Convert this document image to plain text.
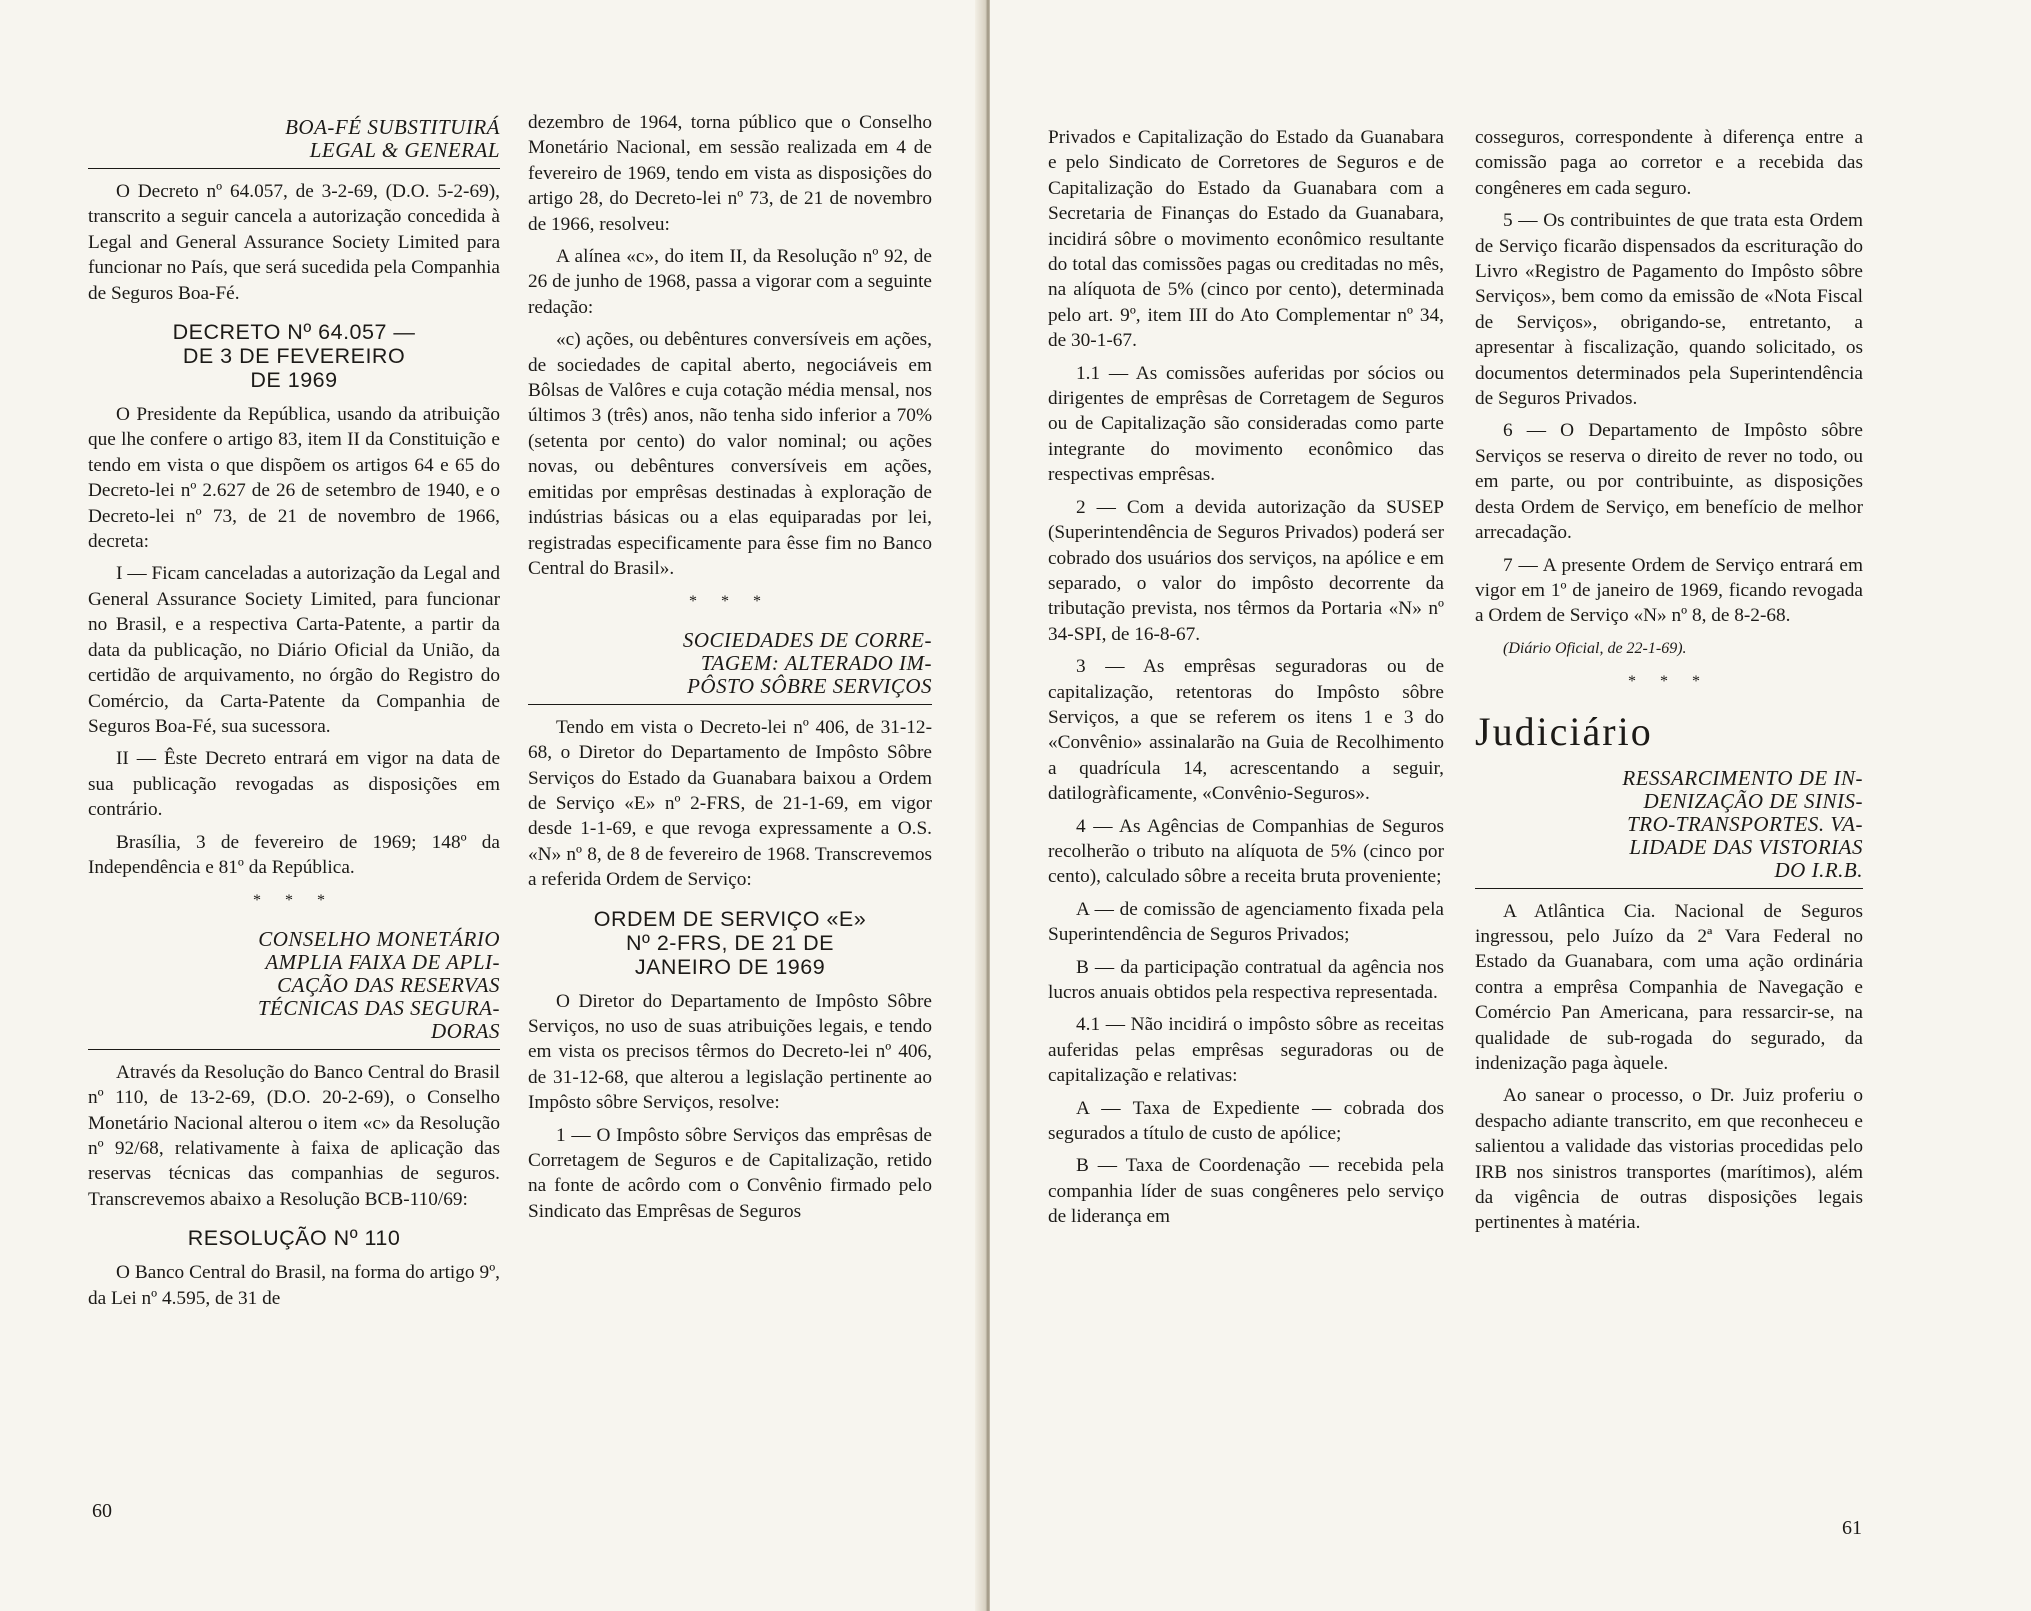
BOA-FÉ SUBSTITUIRÁ
LEGAL & GENERAL

O Decreto nº 64.057, de 3-2-69, (D.O. 5-2-69), transcrito a seguir cancela a autorização concedida à Legal and General Assurance Society Limited para funcionar no País, que será sucedida pela Companhia de Seguros Boa-Fé.

DECRETO Nº 64.057 —
DE 3 DE FEVEREIRO
DE 1969

O Presidente da República, usando da atribuição que lhe confere o artigo 83, item II da Constituição e tendo em vista o que dispõem os artigos 64 e 65 do Decreto-lei nº 2.627 de 26 de setembro de 1940, e o Decreto-lei nº 73, de 21 de novembro de 1966, decreta:

I — Ficam canceladas a autorização da Legal and General Assurance Society Limited, para funcionar no Brasil, e a respectiva Carta-Patente, a partir da data da publicação, no Diário Oficial da União, da certidão de arquivamento, no órgão do Registro do Comércio, da Carta-Patente da Companhia de Seguros Boa-Fé, sua sucessora.

II — Êste Decreto entrará em vigor na data de sua publicação revogadas as disposições em contrário.

Brasília, 3 de fevereiro de 1969; 148º da Independência e 81º da República.

* * *
CONSELHO MONETÁRIO
AMPLIA FAIXA DE APLI-
CAÇÃO DAS RESERVAS
TÉCNICAS DAS SEGURA-
DORAS

Através da Resolução do Banco Central do Brasil nº 110, de 13-2-69, (D.O. 20-2-69), o Conselho Monetário Nacional alterou o item «c» da Resolução nº 92/68, relativamente à faixa de aplicação das reservas técnicas das companhias de seguros. Transcrevemos abaixo a Resolução BCB-110/69:

RESOLUÇÃO Nº 110

O Banco Central do Brasil, na forma do artigo 9º, da Lei nº 4.595, de 31 de

dezembro de 1964, torna público que o Conselho Monetário Nacional, em sessão realizada em 4 de fevereiro de 1969, tendo em vista as disposições do artigo 28, do Decreto-lei nº 73, de 21 de novembro de 1966, resolveu:

A alínea «c», do item II, da Resolução nº 92, de 26 de junho de 1968, passa a vigorar com a seguinte redação:

«c) ações, ou debêntures conversíveis em ações, de sociedades de capital aberto, negociáveis em Bôlsas de Valôres e cuja cotação média mensal, nos últimos 3 (três) anos, não tenha sido inferior a 70% (setenta por cento) do valor nominal; ou ações novas, ou debêntures conversíveis em ações, emitidas por emprêsas destinadas à exploração de indústrias básicas ou a elas equiparadas por lei, registradas especificamente para êsse fim no Banco Central do Brasil».

* * *
SOCIEDADES DE CORRE-
TAGEM: ALTERADO IM-
PÔSTO SÔBRE SERVIÇOS

Tendo em vista o Decreto-lei nº 406, de 31-12-68, o Diretor do Departamento de Impôsto Sôbre Serviços do Estado da Guanabara baixou a Ordem de Serviço «E» nº 2-FRS, de 21-1-69, em vigor desde 1-1-69, e que revoga expressamente a O.S. «N» nº 8, de 8 de fevereiro de 1968. Transcrevemos a referida Ordem de Serviço:

ORDEM DE SERVIÇO «E»
Nº 2-FRS, DE 21 DE
JANEIRO DE 1969

O Diretor do Departamento de Impôsto Sôbre Serviços, no uso de suas atribuições legais, e tendo em vista os precisos têrmos do Decreto-lei nº 406, de 31-12-68, que alterou a legislação pertinente ao Impôsto sôbre Serviços, resolve:

1 — O Impôsto sôbre Serviços das emprêsas de Corretagem de Seguros e de Capitalização, retido na fonte de acôrdo com o Convênio firmado pelo Sindicato das Emprêsas de Seguros

60

Privados e Capitalização do Estado da Guanabara e pelo Sindicato de Corretores de Seguros e de Capitalização do Estado da Guanabara com a Secretaria de Finanças do Estado da Guanabara, incidirá sôbre o movimento econômico resultante do total das comissões pagas ou creditadas no mês, na alíquota de 5% (cinco por cento), determinada pelo art. 9º, item III do Ato Complementar nº 34, de 30-1-67.

1.1 — As comissões auferidas por sócios ou dirigentes de emprêsas de Corretagem de Seguros ou de Capitalização são consideradas como parte integrante do movimento econômico das respectivas emprêsas.

2 — Com a devida autorização da SUSEP (Superintendência de Seguros Privados) poderá ser cobrado dos usuários dos serviços, na apólice e em separado, o valor do impôsto decorrente da tributação prevista, nos têrmos da Portaria «N» nº 34-SPI, de 16-8-67.

3 — As emprêsas seguradoras ou de capitalização, retentoras do Impôsto sôbre Serviços, a que se referem os itens 1 e 3 do «Convênio» assinalarão na Guia de Recolhimento a quadrícula 14, acrescentando a seguir, datilogràficamente, «Convênio-Seguros».

4 — As Agências de Companhias de Seguros recolherão o tributo na alíquota de 5% (cinco por cento), calculado sôbre a receita bruta proveniente;

A — de comissão de agenciamento fixada pela Superintendência de Seguros Privados;

B — da participação contratual da agência nos lucros anuais obtidos pela respectiva representada.

4.1 — Não incidirá o impôsto sôbre as receitas auferidas pelas emprêsas seguradoras ou de capitalização e relativas:

A — Taxa de Expediente — cobrada dos segurados a título de custo de apólice;

B — Taxa de Coordenação — recebida pela companhia líder de suas congêneres pelo serviço de liderança em

cosseguros, correspondente à diferença entre a comissão paga ao corretor e a recebida das congêneres em cada seguro.

5 — Os contribuintes de que trata esta Ordem de Serviço ficarão dispensados da escrituração do Livro «Registro de Pagamento do Impôsto sôbre Serviços», bem como da emissão de «Nota Fiscal de Serviços», obrigando-se, entretanto, a apresentar à fiscalização, quando solicitado, os documentos determinados pela Superintendência de Seguros Privados.

6 — O Departamento de Impôsto sôbre Serviços se reserva o direito de rever no todo, ou em parte, ou por contribuinte, as disposições desta Ordem de Serviço, em benefício de melhor arrecadação.

7 — A presente Ordem de Serviço entrará em vigor em 1º de janeiro de 1969, ficando revogada a Ordem de Serviço «N» nº 8, de 8-2-68.

(Diário Oficial, de 22-1-69).

* * *
Judiciário
RESSARCIMENTO DE IN-
DENIZAÇÃO DE SINIS-
TRO-TRANSPORTES. VA-
LIDADE DAS VISTORIAS
DO I.R.B.

A Atlântica Cia. Nacional de Seguros ingressou, pelo Juízo da 2ª Vara Federal no Estado da Guanabara, com uma ação ordinária contra a emprêsa Companhia de Navegação e Comércio Pan Americana, para ressarcir-se, na qualidade de sub-rogada do segurado, da indenização paga àquele.

Ao sanear o processo, o Dr. Juiz proferiu o despacho adiante transcrito, em que reconheceu e salientou a validade das vistorias procedidas pelo IRB nos sinistros transportes (marítimos), além da vigência de outras disposições legais pertinentes à matéria.

61
